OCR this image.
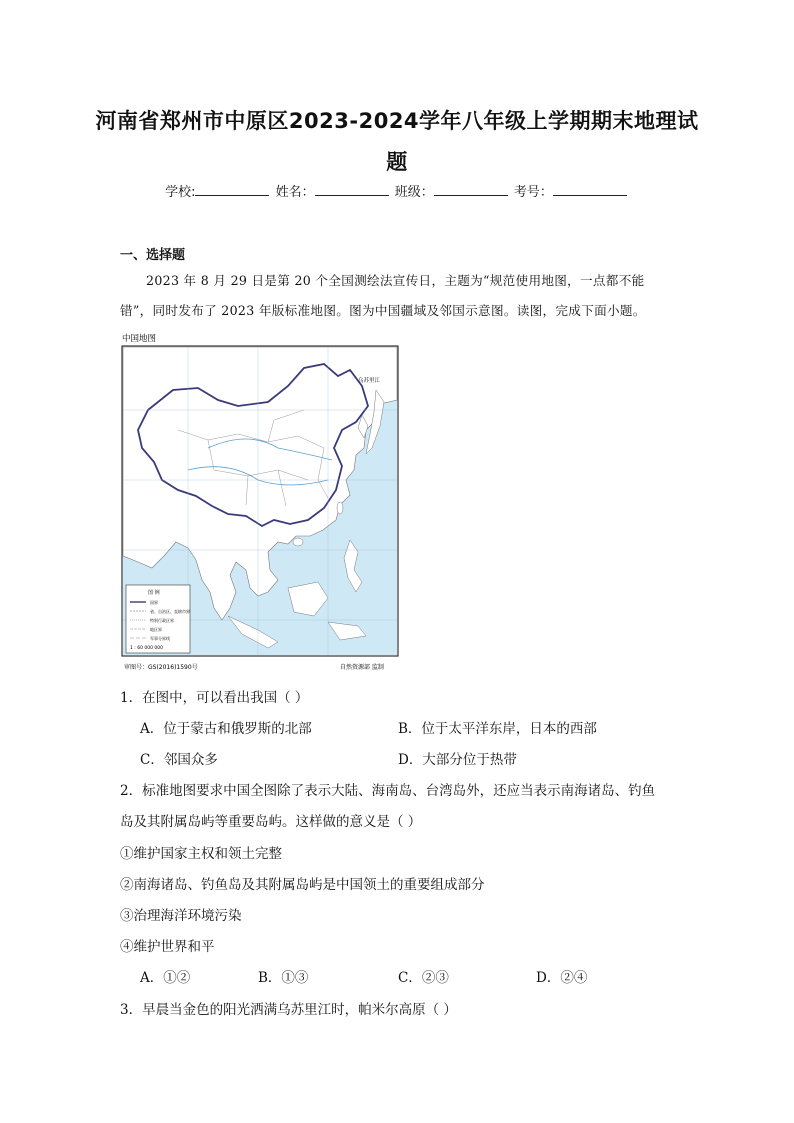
河南省郑州市中原区2023-2024学年八年级上学期期末地理试
题
学校:	姓名：	班级：	考号：
一、选择题
2023 年 8 月 29 日是第 20 个全国测绘法宣传日，主题为“规范使用地图，一点都不能
错”，同时发布了 2023 年版标准地图。图为中国疆域及邻国示意图。读图，完成下面小题。
中国地图
乌苏里江
图 例
国界
省、自治区、直辖市界
特别行政区界
地区界
军事分界线
1 : 60 000 000
审图号：GS(2016)1590号	自然资源部 监制
1．在图中，可以看出我国（ ）
A．位于蒙古和俄罗斯的北部	B．位于太平洋东岸，日本的西部
C．邻国众多	D．大部分位于热带
2．标准地图要求中国全图除了表示大陆、海南岛、台湾岛外，还应当表示南海诸岛、钓鱼
岛及其附属岛屿等重要岛屿。这样做的意义是（ ）
①维护国家主权和领土完整
②南海诸岛、钓鱼岛及其附属岛屿是中国领土的重要组成部分
③治理海洋环境污染
④维护世界和平
A．①②	B．①③	C．②③	D．②④
3．早晨当金色的阳光洒满乌苏里江时，帕米尔高原（ ）
